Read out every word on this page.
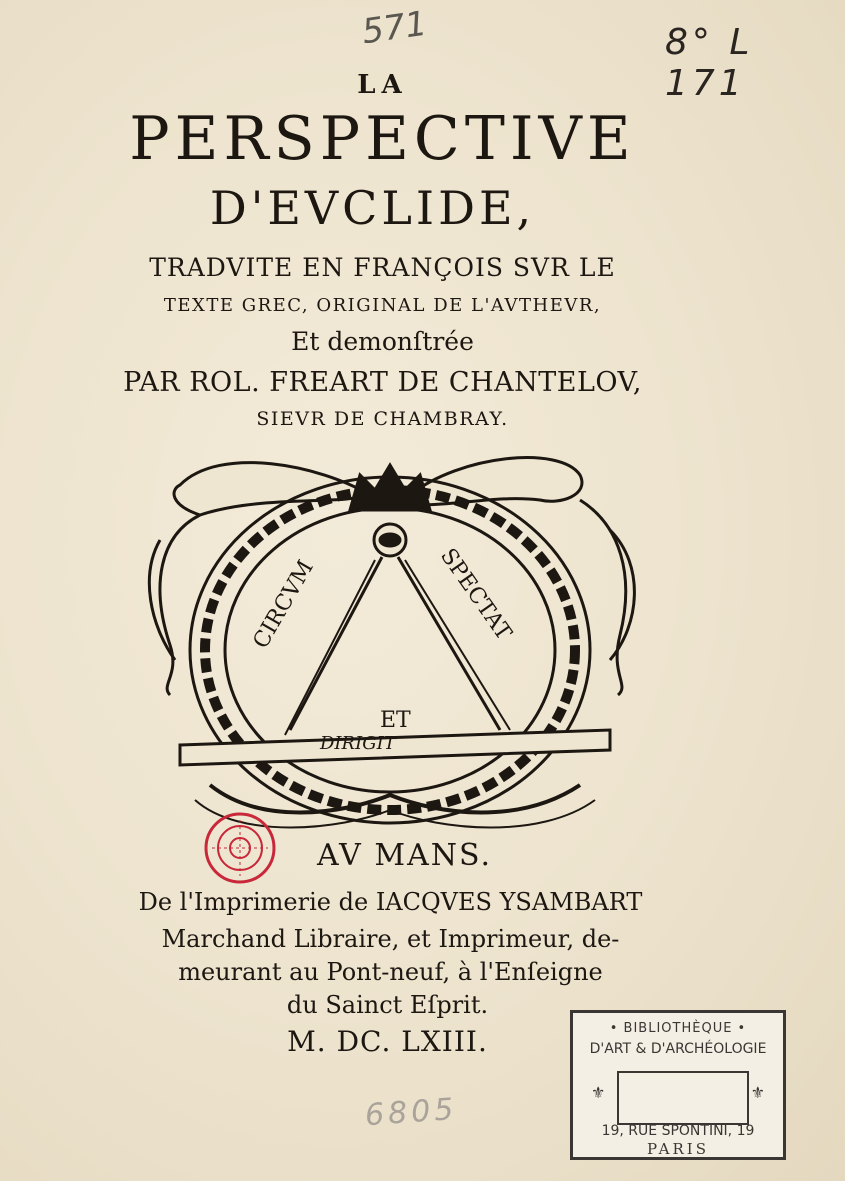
571	8° L 171
LA
PERSPECTIVE
D'EVCLIDE,
TRADVITE EN FRANÇOIS SVR LE
TEXTE GREC, ORIGINAL DE L'AVTHEVR,
Et demonſtrée
PAR ROL. FREART DE CHANTELOV,
SIEVR DE CHAMBRAY.
CIRCVM	SPECTAT
ET
DIRIGIT
AV MANS.
De l'Imprimerie de IACQVES YSAMBART
Marchand Libraire, et Imprimeur, de-
meurant au Pont-neuf, à l'Enſeigne
du Sainct Eſprit.
M. DC. LXIII.	• BIBLIOTHÈQUE •
D'ART & D'ARCHÉOLOGIE
⚜	⚜
19, RUE SPONTINI, 19
PARIS
6805
